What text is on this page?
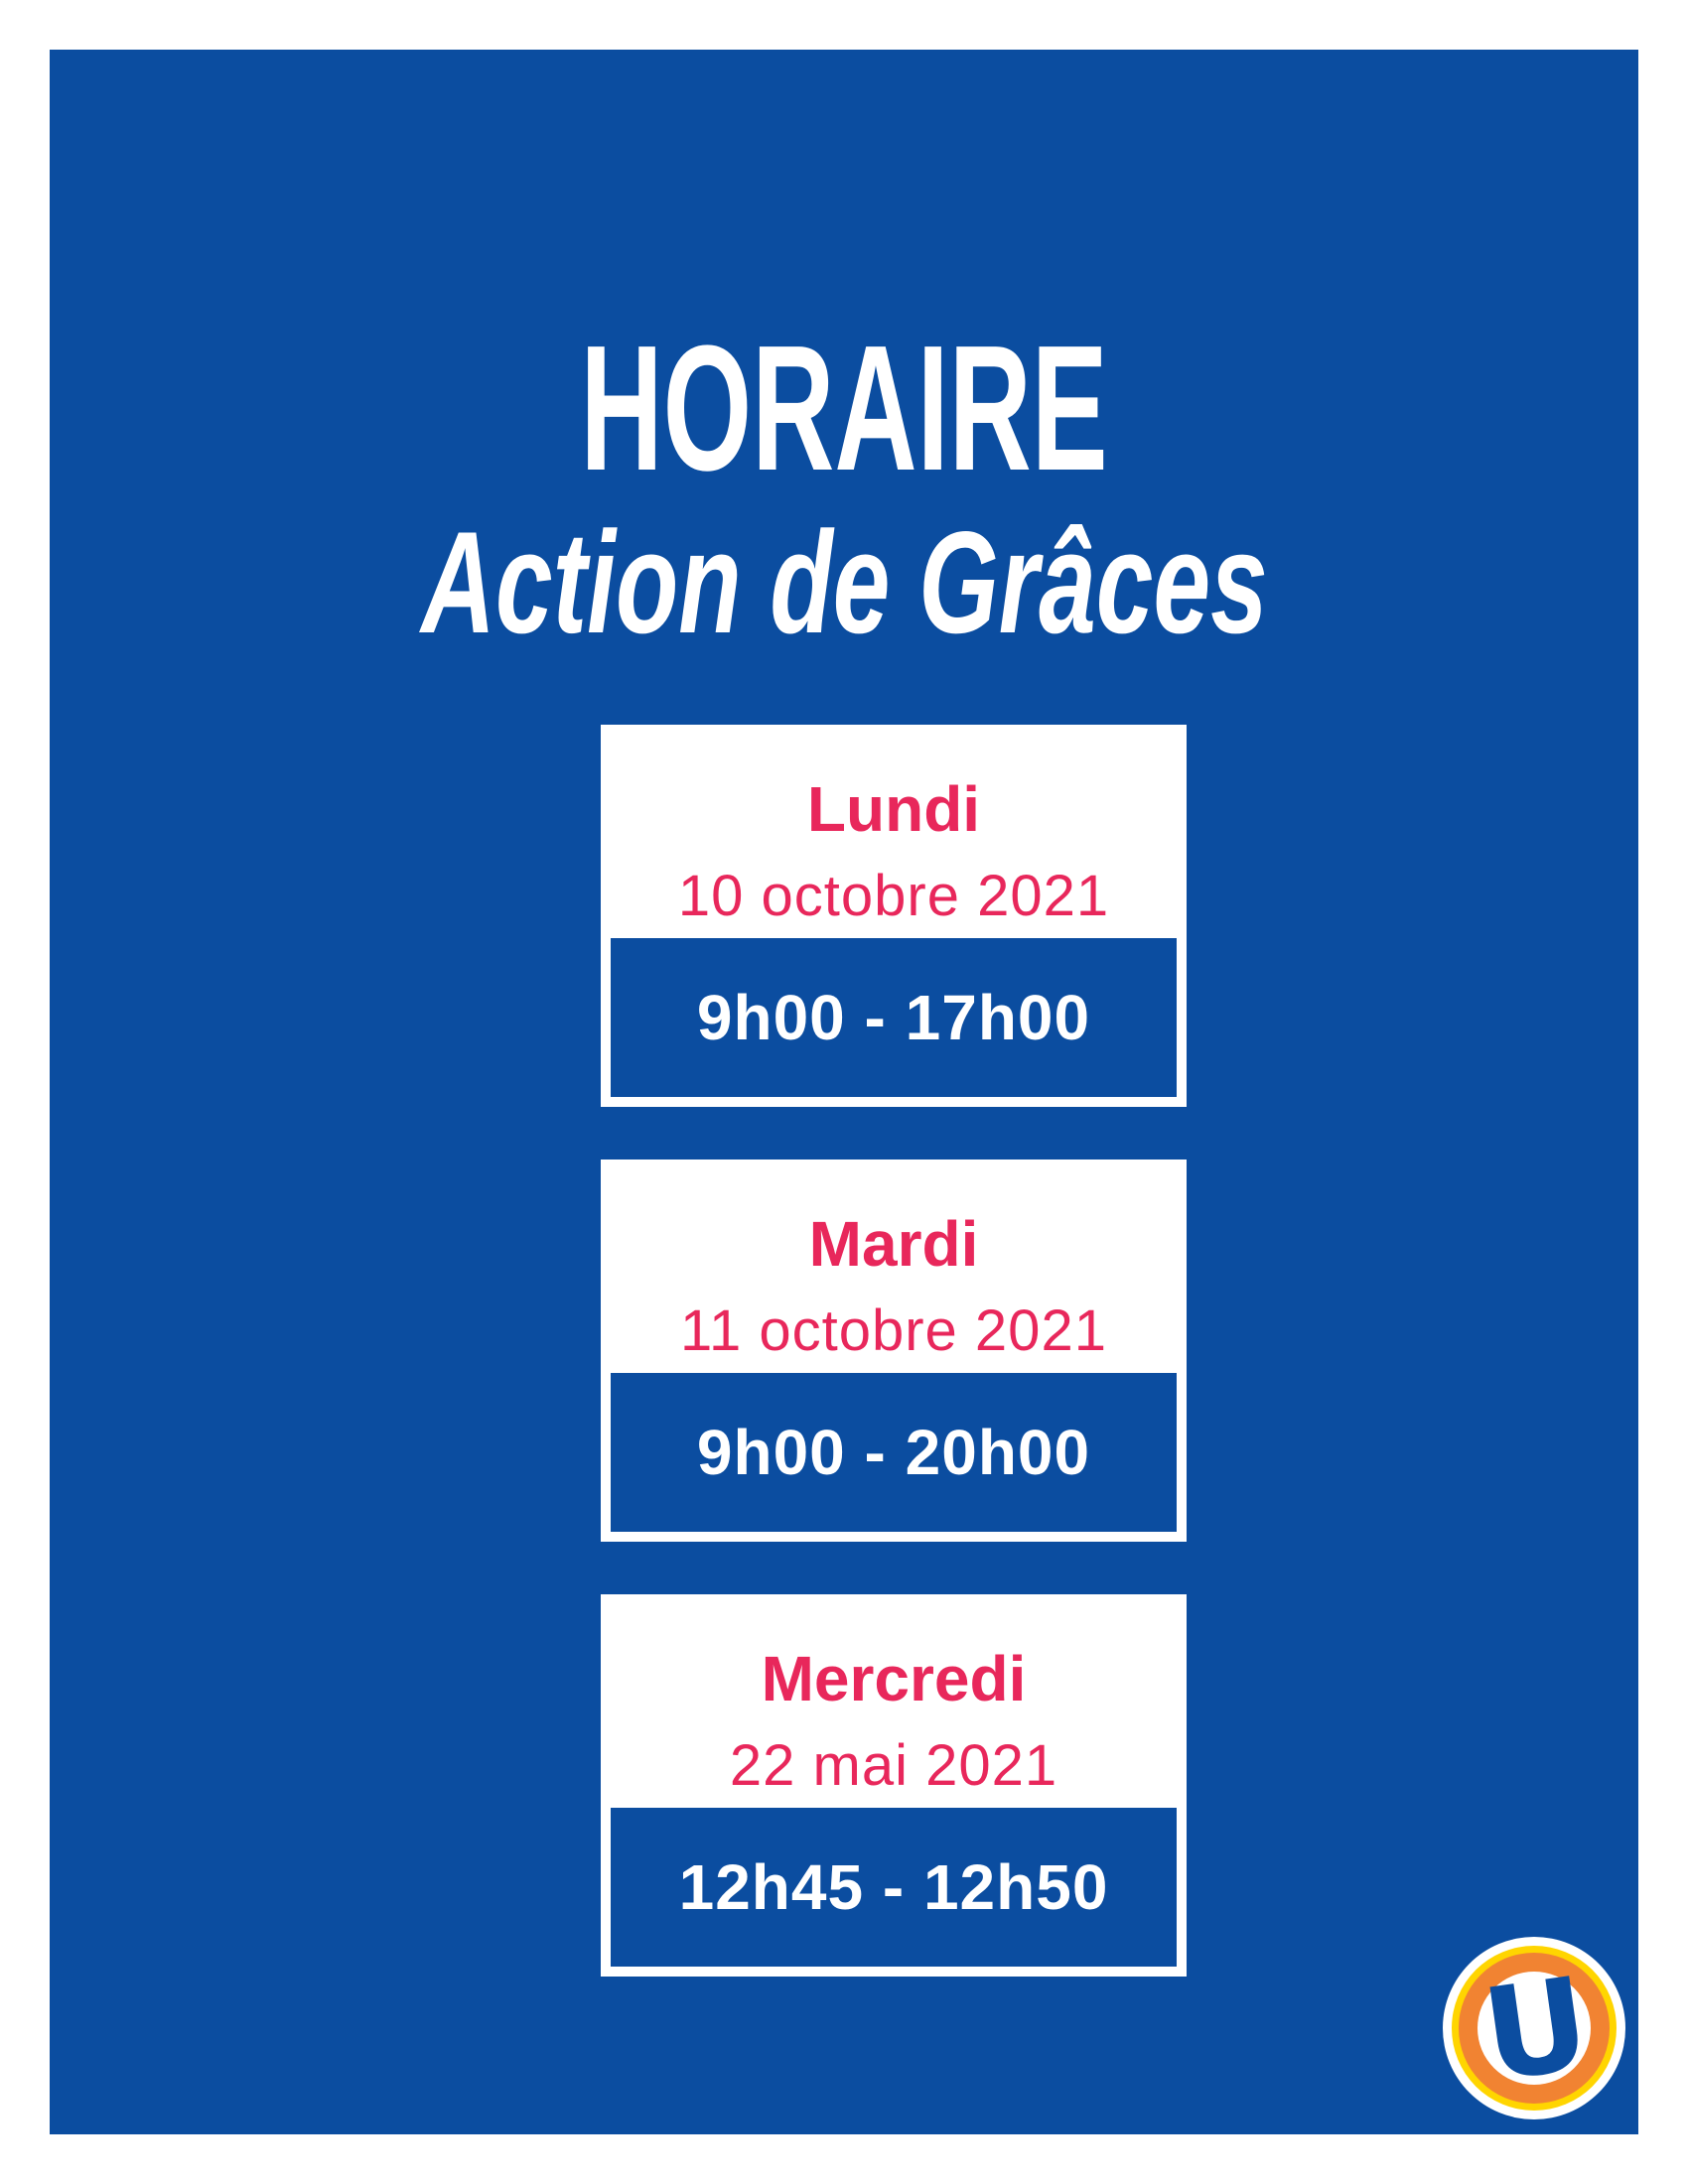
HORAIRE
Action de Grâces
Lundi
10 octobre 2021
9h00 - 17h00
Mardi
11 octobre 2021
9h00 - 20h00
Mercredi
22 mai 2021
12h45 - 12h50
U
